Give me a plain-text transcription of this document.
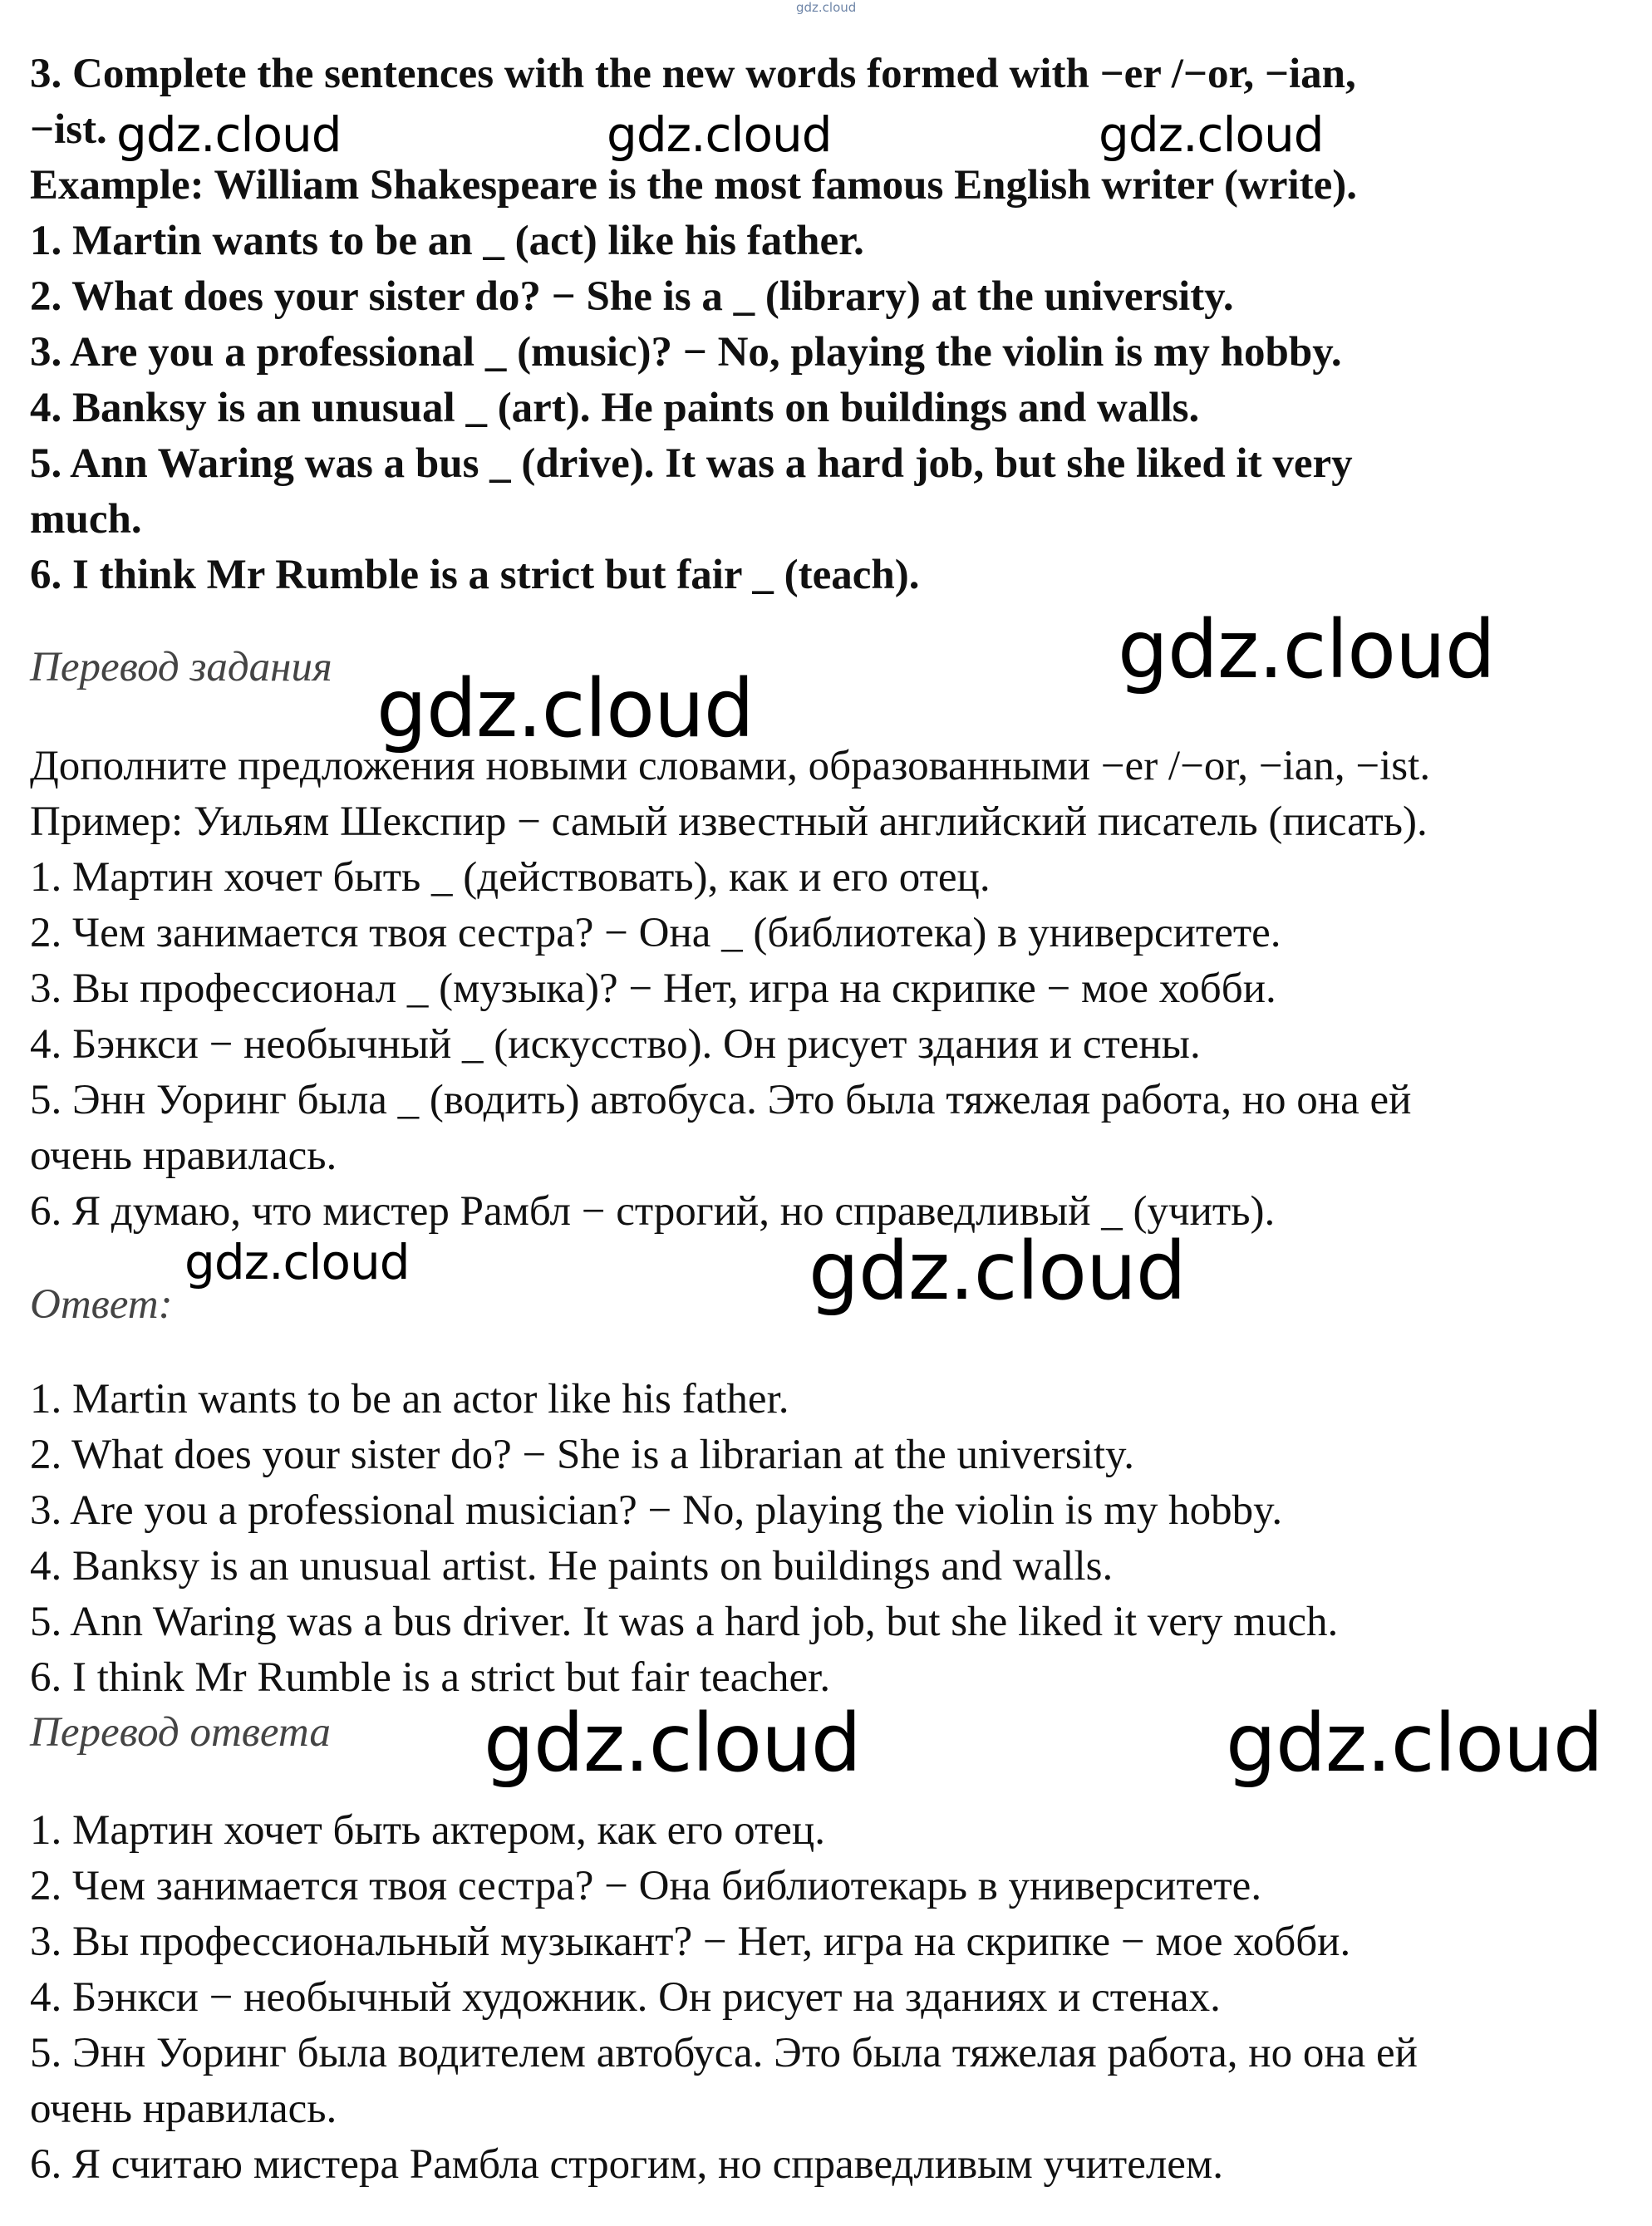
gdz.cloud
3. Complete the sentences with the new words formed with −er /−or, −ian,
−ist.
Example: William Shakespeare is the most famous English writer (write).
1. Martin wants to be an _ (act) like his father.
2. What does your sister do? − She is a _ (library) at the university.
3. Are you a professional _ (music)? − No, playing the violin is my hobby.
4. Banksy is an unusual _ (art). He paints on buildings and walls.
5. Ann Waring was a bus _ (drive). It was a hard job, but she liked it very
much.
6. I think Mr Rumble is a strict but fair _ (teach).
Перевод задания
Дополните предложения новыми словами, образованными −er /−or, −ian, −ist.
Пример: Уильям Шекспир − самый известный английский писатель (писать).
1. Мартин хочет быть _ (действовать), как и его отец.
2. Чем занимается твоя сестра? − Она _ (библиотека) в университете.
3. Вы профессионал _ (музыка)? − Нет, игра на скрипке − мое хобби.
4. Бэнкси − необычный _ (искусство). Он рисует здания и стены.
5. Энн Уоринг была _ (водить) автобуса. Это была тяжелая работа, но она ей
очень нравилась.
6. Я думаю, что мистер Рамбл − строгий, но справедливый _ (учить).
Ответ:
1. Martin wants to be an actor like his father.
2. What does your sister do? − She is a librarian at the university.
3. Are you a professional musician? − No, playing the violin is my hobby.
4. Banksy is an unusual artist. He paints on buildings and walls.
5. Ann Waring was a bus driver. It was a hard job, but she liked it very much.
6. I think Mr Rumble is a strict but fair teacher.
Перевод ответа
1. Мартин хочет быть актером, как его отец.
2. Чем занимается твоя сестра? − Она библиотекарь в университете.
3. Вы профессиональный музыкант? − Нет, игра на скрипке − мое хобби.
4. Бэнкси − необычный художник. Он рисует на зданиях и стенах.
5. Энн Уоринг была водителем автобуса. Это была тяжелая работа, но она ей
очень нравилась.
6. Я считаю мистера Рамбла строгим, но справедливым учителем.
gdz.cloud	gdz.cloud	gdz.cloud
gdz.cloud
gdz.cloud
gdz.cloud	gdz.cloud
gdz.cloud	gdz.cloud
